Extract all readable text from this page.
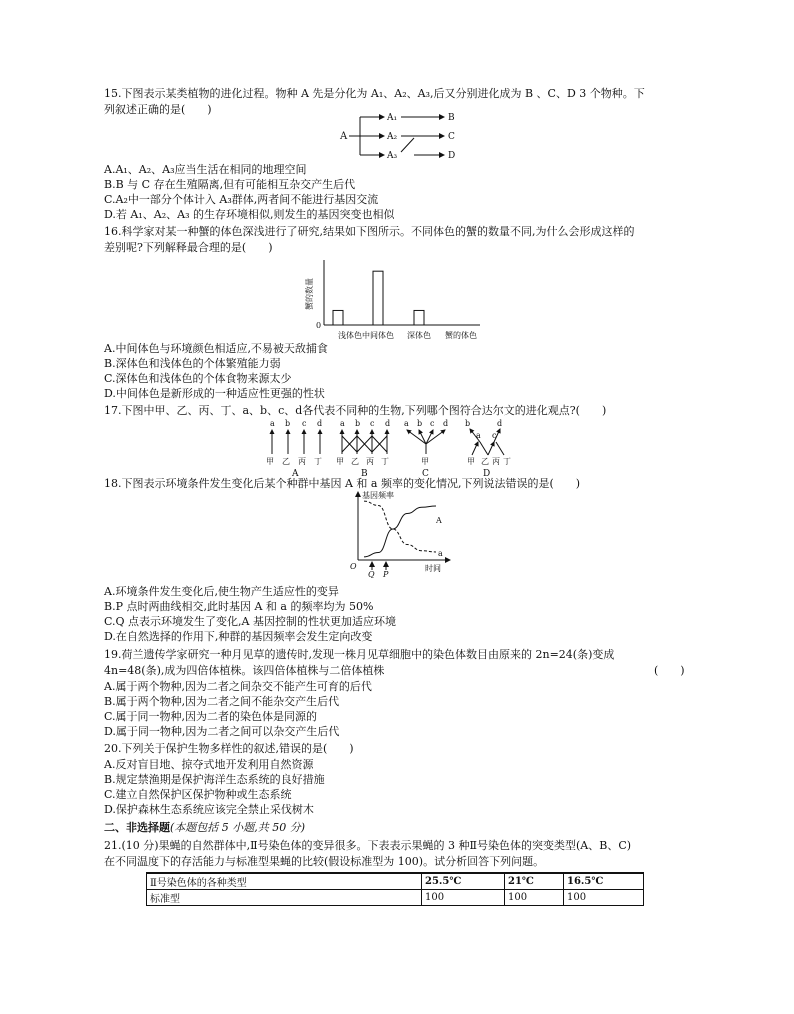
15.下图表示某类植物的进化过程。物种 A 先是分化为 A₁、A₂、A₃,后又分别进化成为 B 、C、D 3 个物种。下
列叙述正确的是(　　)
A
A₁
A₂
A₃
B
C
D
A.A₁、A₂、A₃应当生活在相同的地理空间
B.B 与 C 存在生殖隔离,但有可能相互杂交产生后代
C.A₂中一部分个体计入 A₃群体,两者间不能进行基因交流
D.若 A₁、A₂、A₃ 的生存环境相似,则发生的基因突变也相似
16.科学家对某一种蟹的体色深浅进行了研究,结果如下图所示。不同体色的蟹的数量不同,为什么会形成这样的
差别呢?下列解释最合理的是(　　)
蟹的数量
0
浅体色 中间体色 深体色 蟹的体色
A.中间体色与环境颜色相适应,不易被天敌捕食
B.深体色和浅体色的个体繁殖能力弱
C.深体色和浅体色的个体食物来源太少
D.中间体色是新形成的一种适应性更强的性状
17.下图中甲、乙、丙、丁、a、b、c、d各代表不同种的生物,下列哪个图符合达尔文的进化观点?(　　)
a b c d
甲 乙 丙 丁
A
a b c d
甲 乙 丙 丁
B
a b c d
甲
C
b	d
a c
甲 乙 丙 丁
D
18.下图表示环境条件发生变化后某个种群中基因 A 和 a 频率的变化情况,下列说法错误的是(　　)
基因频率
O
A
a
Q P
时间
A.环境条件发生变化后,使生物产生适应性的变异
B.P 点时两曲线相交,此时基因 A 和 a 的频率均为 50%
C.Q 点表示环境发生了变化,A 基因控制的性状更加适应环境
D.在自然选择的作用下,种群的基因频率会发生定向改变
19.荷兰遗传学家研究一种月见草的遗传时,发现一株月见草细胞中的染色体数目由原来的 2n=24(条)变成
4n=48(条),成为四倍体植株。该四倍体植株与二倍体植株	(　　)
A.属于两个物种,因为二者之间杂交不能产生可育的后代
B.属于两个物种,因为二者之间不能杂交产生后代
C.属于同一物种,因为二者的染色体是同源的
D.属于同一物种,因为二者之间可以杂交产生后代
20.下列关于保护生物多样性的叙述,错误的是(　　)
A.反对盲目地、掠夺式地开发利用自然资源
B.规定禁渔期是保护海洋生态系统的良好措施
C.建立自然保护区保护物种或生态系统
D.保护森林生态系统应该完全禁止采伐树木
二、非选择题(本题包括 5 小题,共 50 分)
21.(10 分)果蝇的自然群体中,Ⅱ号染色体的变异很多。下表表示果蝇的 3 种Ⅱ号染色体的突变类型(A、B、C)
在不同温度下的存活能力与标准型果蝇的比较(假设标准型为 100)。试分析回答下列问题。
Ⅱ号染色体的各种类型	25.5℃	21℃	16.5℃
标准型	100	100	100
